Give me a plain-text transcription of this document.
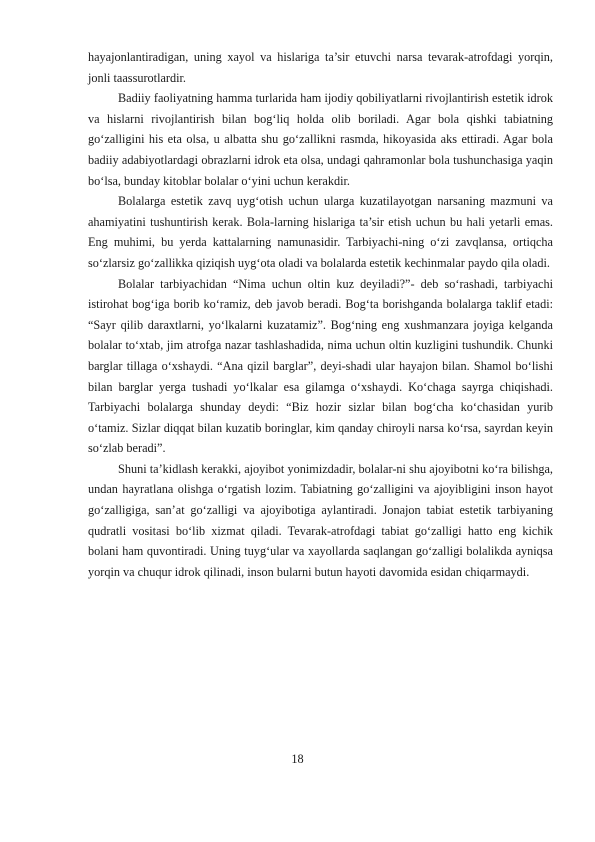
hayajonlantiradigan, uning xayol va hislariga ta’sir etuvchi narsa tevarak-atrofdagi yorqin, jonli taassurotlardir.

Badiiy faoliyatning hamma turlarida ham ijodiy qobiliyatlarni rivojlantirish estetik idrok va hislarni rivojlantirish bilan bog‘liq holda olib boriladi. Agar bola qishki tabiatning go‘zalligini his eta olsa, u albatta shu go‘zallikni rasmda, hikoyasida aks ettiradi. Agar bola badiiy adabiyotlardagi obrazlarni idrok eta olsa, undagi qahramonlar bola tushunchasiga yaqin bo‘lsa, bunday kitoblar bolalar o‘yini uchun kerakdir.

Bolalarga estetik zavq uyg‘otish uchun ularga kuzatilayotgan narsaning mazmuni va ahamiyatini tushuntirish kerak. Bola-larning hislariga ta’sir etish uchun bu hali yetarli emas. Eng muhimi, bu yerda kattalarning namunasidir. Tarbiyachi-ning o‘zi zavqlansa, ortiqcha so‘zlarsiz go‘zallikka qiziqish uyg‘ota oladi va bolalarda estetik kechinmalar paydo qila oladi.

Bolalar tarbiyachidan “Nima uchun oltin kuz deyiladi?”- deb so‘rashadi, tarbiyachi istirohat bog‘iga borib ko‘ramiz, deb javob beradi. Bog‘ta borishganda bolalarga taklif etadi: “Sayr qilib daraxtlarni, yo‘lkalarni kuzatamiz”. Bog‘ning eng xushmanzara joyiga kelganda bolalar to‘xtab, jim atrofga nazar tashlashadida, nima uchun oltin kuzligini tushundik. Chunki barglar tillaga o‘xshaydi. “Ana qizil barglar”, deyi-shadi ular hayajon bilan. Shamol bo‘lishi bilan barglar yerga tushadi yo‘lkalar esa gilamga o‘xshaydi. Ko‘chaga sayrga chiqishadi. Tarbiyachi bolalarga shunday deydi: “Biz hozir sizlar bilan bog‘cha ko‘chasidan yurib o‘tamiz. Sizlar diqqat bilan kuzatib boringlar, kim qanday chiroyli narsa ko‘rsa, sayrdan keyin so‘zlab beradi”.

Shuni ta’kidlash kerakki, ajoyibot yonimizdadir, bolalar-ni shu ajoyibotni ko‘ra bilishga, undan hayratlana olishga o‘rgatish lozim. Tabiatning go‘zalligini va ajoyibligini inson hayot go‘zalligiga, san’at go‘zalligi va ajoyibotiga aylantiradi. Jonajon tabiat estetik tarbiyaning qudratli vositasi bo‘lib xizmat qiladi. Tevarak-atrofdagi tabiat go‘zalligi hatto eng kichik bolani ham quvontiradi. Uning tuyg‘ular va xayollarda saqlangan go‘zalligi bolalikda ayniqsa yorqin va chuqur idrok qilinadi, inson bularni butun hayoti davomida esidan chiqarmaydi.

18
